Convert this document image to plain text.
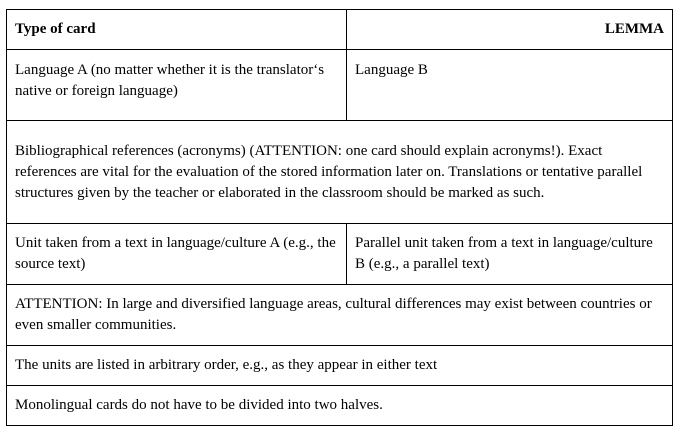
Type of card	LEMMA
Language A (no matter whether it is the translator‘s native or foreign language)	Language B
Bibliographical references (acronyms) (ATTENTION: one card should explain acronyms!). Exact references are vital for the evaluation of the stored information later on. Translations or tentative parallel structures given by the teacher or elaborated in the classroom should be marked as such.	
Unit taken from a text in language/culture A (e.g., the source text)	Parallel unit taken from a text in language/culture B (e.g., a parallel text)
ATTENTION: In large and diversified language areas, cultural differences may exist between countries or even smaller communities.	
The units are listed in arbitrary order, e.g., as they appear in either text	
Monolingual cards do not have to be divided into two halves.	
